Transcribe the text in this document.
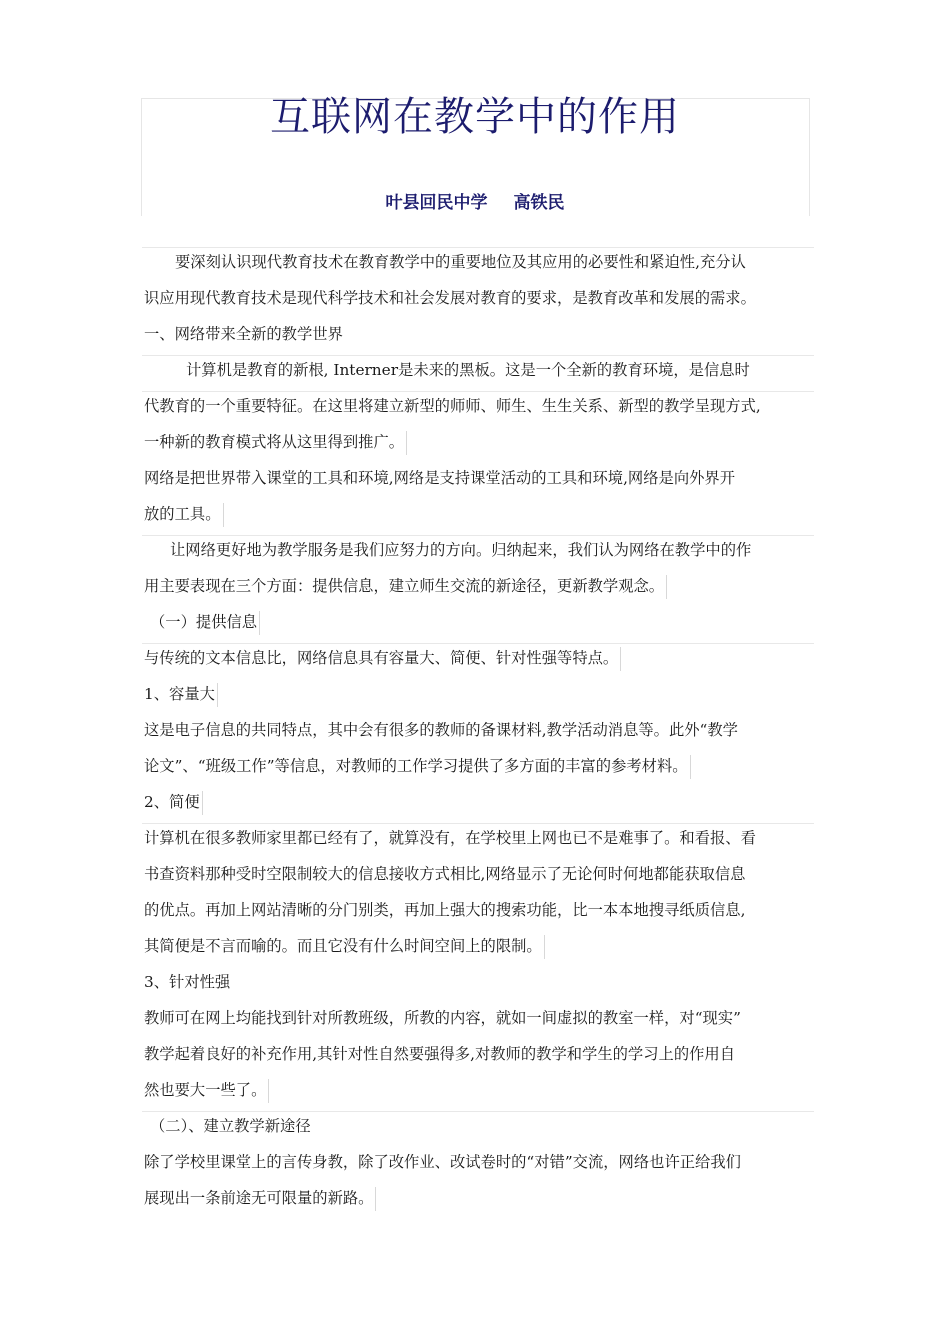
互联网在教学中的作用
叶县回民中学 高铁民
要深刻认识现代教育技术在教育教学中的重要地位及其应用的必要性和紧迫性,充分认
识应用现代教育技术是现代科学技术和社会发展对教育的要求，是教育改革和发展的需求。
一、网络带来全新的教学世界
计算机是教育的新根, Interner是未来的黑板。这是一个全新的教育环境，是信息时
代教育的一个重要特征。在这里将建立新型的师师、师生、生生关系、新型的教学呈现方式,
一种新的教育模式将从这里得到推广。
网络是把世界带入课堂的工具和环境,网络是支持课堂活动的工具和环境,网络是向外界开
放的工具。
让网络更好地为教学服务是我们应努力的方向。归纳起来，我们认为网络在教学中的作
用主要表现在三个方面：提供信息，建立师生交流的新途径，更新教学观念。
（一）提供信息
与传统的文本信息比，网络信息具有容量大、简便、针对性强等特点。
1、容量大
这是电子信息的共同特点，其中会有很多的教师的备课材料,教学活动消息等。此外“教学
论文”、“班级工作”等信息，对教师的工作学习提供了多方面的丰富的参考材料。
2、简便
计算机在很多教师家里都已经有了，就算没有，在学校里上网也已不是难事了。和看报、看
书查资料那种受时空限制较大的信息接收方式相比,网络显示了无论何时何地都能获取信息
的优点。再加上网站清晰的分门别类，再加上强大的搜索功能，比一本本地搜寻纸质信息,
其简便是不言而喻的。而且它没有什么时间空间上的限制。
3、针对性强
教师可在网上均能找到针对所教班级，所教的内容，就如一间虚拟的教室一样，对“现实”
教学起着良好的补充作用,其针对性自然要强得多,对教师的教学和学生的学习上的作用自
然也要大一些了。
（二）、建立教学新途径
除了学校里课堂上的言传身教，除了改作业、改试卷时的“对错”交流，网络也许正给我们
展现出一条前途无可限量的新路。
